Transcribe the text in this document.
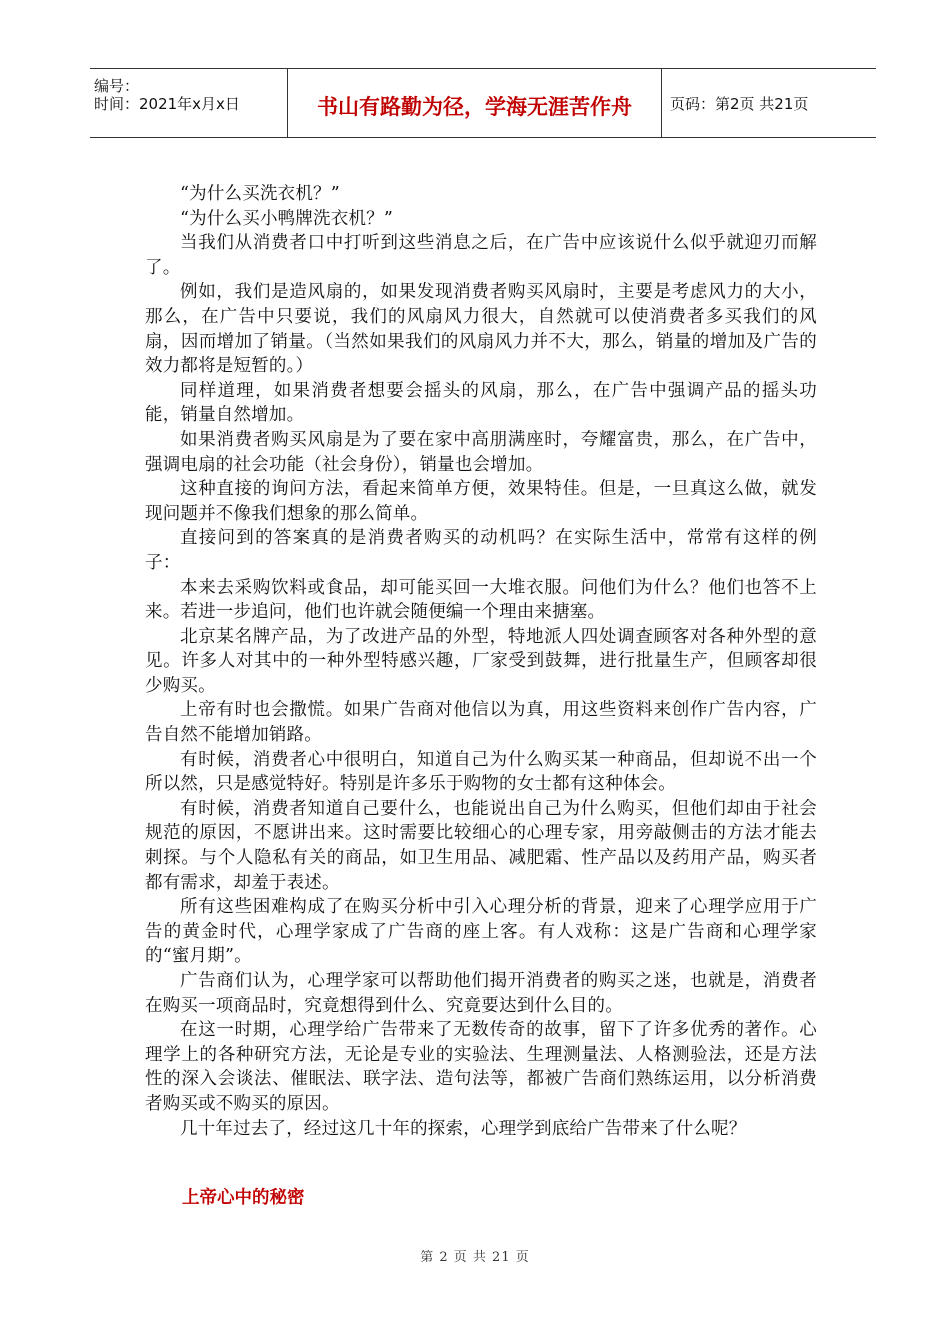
编号：
时间：2021年x月x日	书山有路勤为径，学海无涯苦作舟	页码：第2页 共21页

“为什么买洗衣机？”

“为什么买小鸭牌洗衣机？”

当我们从消费者口中打听到这些消息之后，在广告中应该说什么似乎就迎刃而解了。

例如，我们是造风扇的，如果发现消费者购买风扇时，主要是考虑风力的大小，那么，在广告中只要说，我们的风扇风力很大，自然就可以使消费者多买我们的风扇，因而增加了销量。（当然如果我们的风扇风力并不大，那么，销量的增加及广告的效力都将是短暂的。）

同样道理，如果消费者想要会摇头的风扇，那么，在广告中强调产品的摇头功能，销量自然增加。

如果消费者购买风扇是为了要在家中高朋满座时，夸耀富贵，那么，在广告中，强调电扇的社会功能（社会身份），销量也会增加。

这种直接的询问方法，看起来简单方便，效果特佳。但是，一旦真这么做，就发现问题并不像我们想象的那么简单。

直接问到的答案真的是消费者购买的动机吗？在实际生活中，常常有这样的例子：

本来去采购饮料或食品，却可能买回一大堆衣服。问他们为什么？他们也答不上来。若进一步追问，他们也许就会随便编一个理由来搪塞。

北京某名牌产品，为了改进产品的外型，特地派人四处调查顾客对各种外型的意见。许多人对其中的一种外型特感兴趣，厂家受到鼓舞，进行批量生产，但顾客却很少购买。

上帝有时也会撒慌。如果广告商对他信以为真，用这些资料来创作广告内容，广告自然不能增加销路。

有时候，消费者心中很明白，知道自己为什么购买某一种商品，但却说不出一个所以然，只是感觉特好。特别是许多乐于购物的女士都有这种体会。

有时候，消费者知道自己要什么，也能说出自己为什么购买，但他们却由于社会规范的原因，不愿讲出来。这时需要比较细心的心理专家，用旁敲侧击的方法才能去刺探。与个人隐私有关的商品，如卫生用品、减肥霜、性产品以及药用产品，购买者都有需求，却羞于表述。

所有这些困难构成了在购买分析中引入心理分析的背景，迎来了心理学应用于广告的黄金时代，心理学家成了广告商的座上客。有人戏称：这是广告商和心理学家的“蜜月期”。

广告商们认为，心理学家可以帮助他们揭开消费者的购买之迷，也就是，消费者在购买一项商品时，究竟想得到什么、究竟要达到什么目的。

在这一时期，心理学给广告带来了无数传奇的故事，留下了许多优秀的著作。心理学上的各种研究方法，无论是专业的实验法、生理测量法、人格测验法，还是方法性的深入会谈法、催眠法、联字法、造句法等，都被广告商们熟练运用，以分析消费者购买或不购买的原因。

几十年过去了，经过这几十年的探索，心理学到底给广告带来了什么呢？

上帝心中的秘密
第 2 页 共 21 页
